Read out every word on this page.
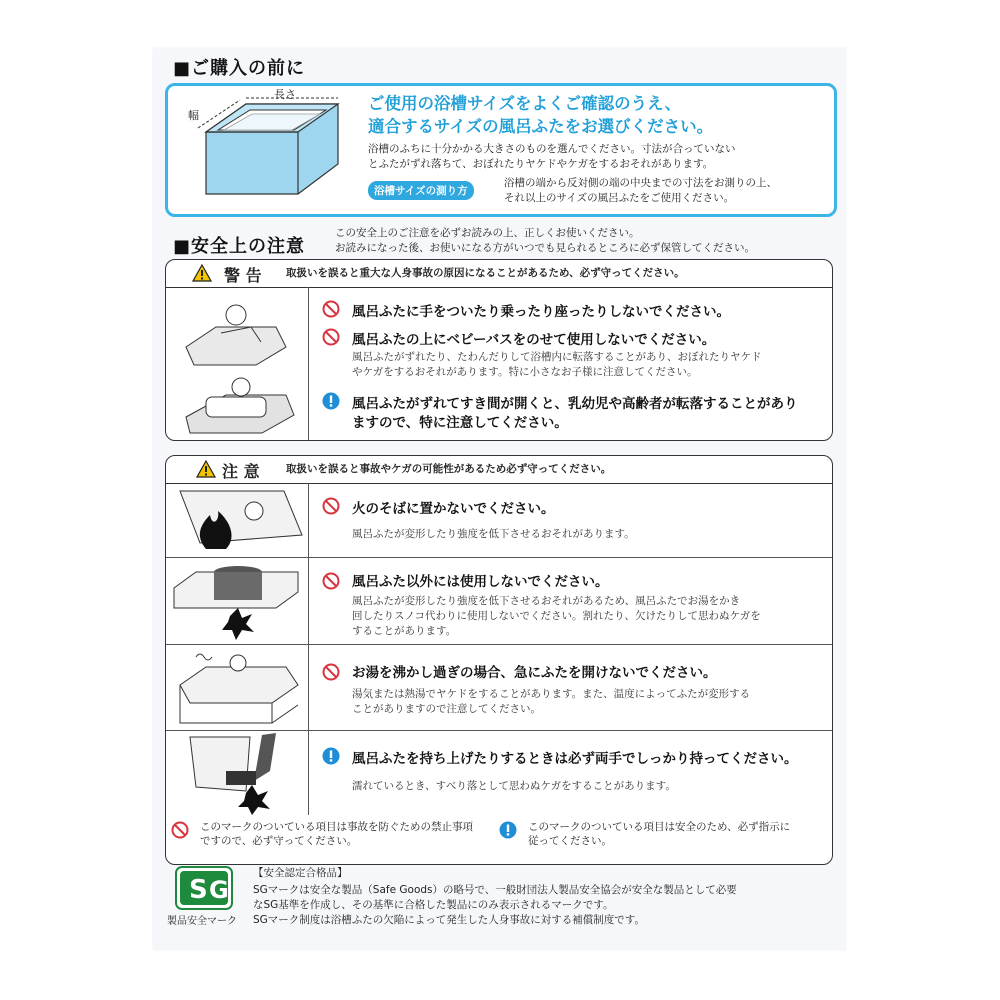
■ご購入の前に
長さ
幅
ご使用の浴槽サイズをよくご確認のうえ、
適合するサイズの風呂ふたをお選びください。
浴槽のふちに十分かかる大きさのものを選んでください。寸法が合っていない
とふたがずれ落ちて、おぼれたりヤケドやケガをするおそれがあります。
浴槽サイズの測り方
浴槽の端から反対側の端の中央までの寸法をお測りの上、
それ以上のサイズの風呂ふたをご使用ください。
■安全上の注意
この安全上のご注意を必ずお読みの上、正しくお使いください。
お読みになった後、お使いになる方がいつでも見られるところに必ず保管してください。
警 告 取扱いを誤ると重大な人身事故の原因になることがあるため、必ず守ってください。
風呂ふたに手をついたり乗ったり座ったりしないでください。
風呂ふたの上にベビーバスをのせて使用しないでください。
風呂ふたがずれたり、たわんだりして浴槽内に転落することがあり、おぼれたりヤケド
やケガをするおそれがあります。特に小さなお子様に注意してください。
風呂ふたがずれてすき間が開くと、乳幼児や高齢者が転落することがあり
ますので、特に注意してください。
注 意	取扱いを誤ると事故やケガの可能性があるため必ず守ってください。
火のそばに置かないでください。
風呂ふたが変形したり強度を低下させるおそれがあります。
風呂ふた以外には使用しないでください。
風呂ふたが変形したり強度を低下させるおそれがあるため、風呂ふたでお湯をかき
回したりスノコ代わりに使用しないでください。割れたり、欠けたりして思わぬケガを
することがあります。
お湯を沸かし過ぎの場合、急にふたを開けないでください。
湯気または熱湯でヤケドをすることがあります。また、温度によってふたが変形する
ことがありますので注意してください。
風呂ふたを持ち上げたりするときは必ず両手でしっかり持ってください。
濡れているとき、すべり落として思わぬケガをすることがあります。
このマークのついている項目は事故を防ぐための禁止事項
ですので、必ず守ってください。
このマークのついている項目は安全のため、必ず指示に
従ってください。
S G
製品安全マーク
【安全認定合格品】
SGマークは安全な製品（Safe Goods）の略号で、一般財団法人製品安全協会が安全な製品として必要
なSG基準を作成し、その基準に合格した製品にのみ表示されるマークです。
SGマーク制度は浴槽ふたの欠陥によって発生した人身事故に対する補償制度です。
